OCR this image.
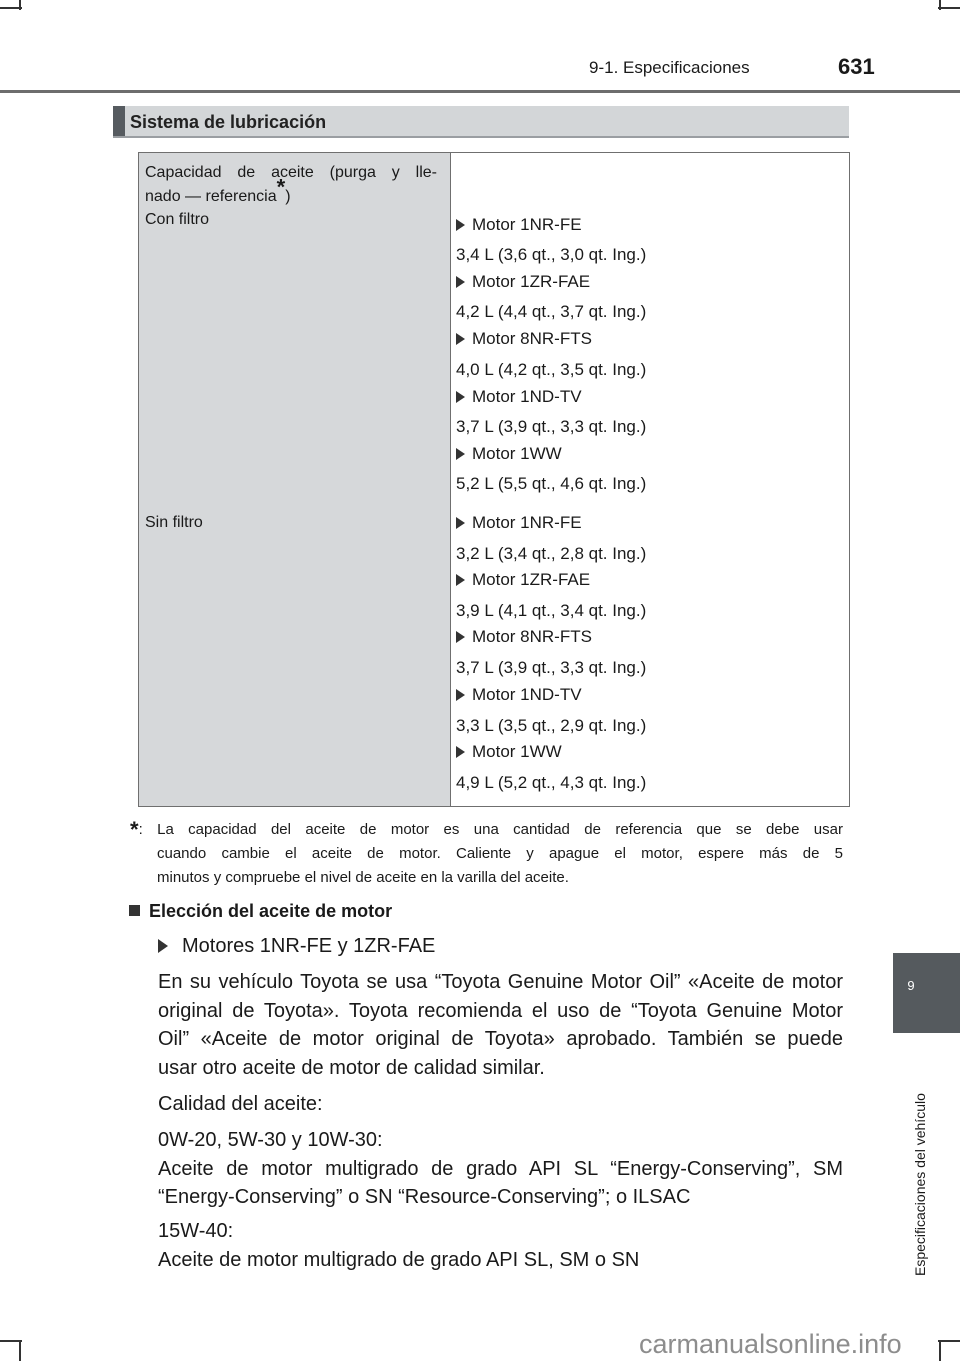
9-1. Especificaciones	631
9
Especificaciones del vehículo
Sistema de lubricación
Capacidad de aceite (purga y lle-
nado — referencia*)
Con filtro
Sin filtro
Motor 1NR-FE
3,4 L (3,6 qt., 3,0 qt. Ing.)
Motor 1ZR-FAE
4,2 L (4,4 qt., 3,7 qt. Ing.)
Motor 8NR-FTS
4,0 L (4,2 qt., 3,5 qt. Ing.)
Motor 1ND-TV
3,7 L (3,9 qt., 3,3 qt. Ing.)
Motor 1WW
5,2 L (5,5 qt., 4,6 qt. Ing.)
Motor 1NR-FE
3,2 L (3,4 qt., 2,8 qt. Ing.)
Motor 1ZR-FAE
3,9 L (4,1 qt., 3,4 qt. Ing.)
Motor 8NR-FTS
3,7 L (3,9 qt., 3,3 qt. Ing.)
Motor 1ND-TV
3,3 L (3,5 qt., 2,9 qt. Ing.)
Motor 1WW
4,9 L (5,2 qt., 4,3 qt. Ing.)
*: La capacidad del aceite de motor es una cantidad de referencia que se debe usar
cuando cambie el aceite de motor. Caliente y apague el motor, espere más de 5
minutos y compruebe el nivel de aceite en la varilla del aceite.
Elección del aceite de motor
Motores 1NR-FE y 1ZR-FAE
En su vehículo Toyota se usa “Toyota Genuine Motor Oil” «Aceite de motor
original de Toyota». Toyota recomienda el uso de “Toyota Genuine Motor
Oil” «Aceite de motor original de Toyota» aprobado. También se puede
usar otro aceite de motor de calidad similar.
Calidad del aceite:
0W-20, 5W-30 y 10W-30:
Aceite de motor multigrado de grado API SL “Energy-Conserving”, SM
“Energy-Conserving” o SN “Resource-Conserving”; o ILSAC
15W-40:
Aceite de motor multigrado de grado API SL, SM o SN
carmanualsonline.info
